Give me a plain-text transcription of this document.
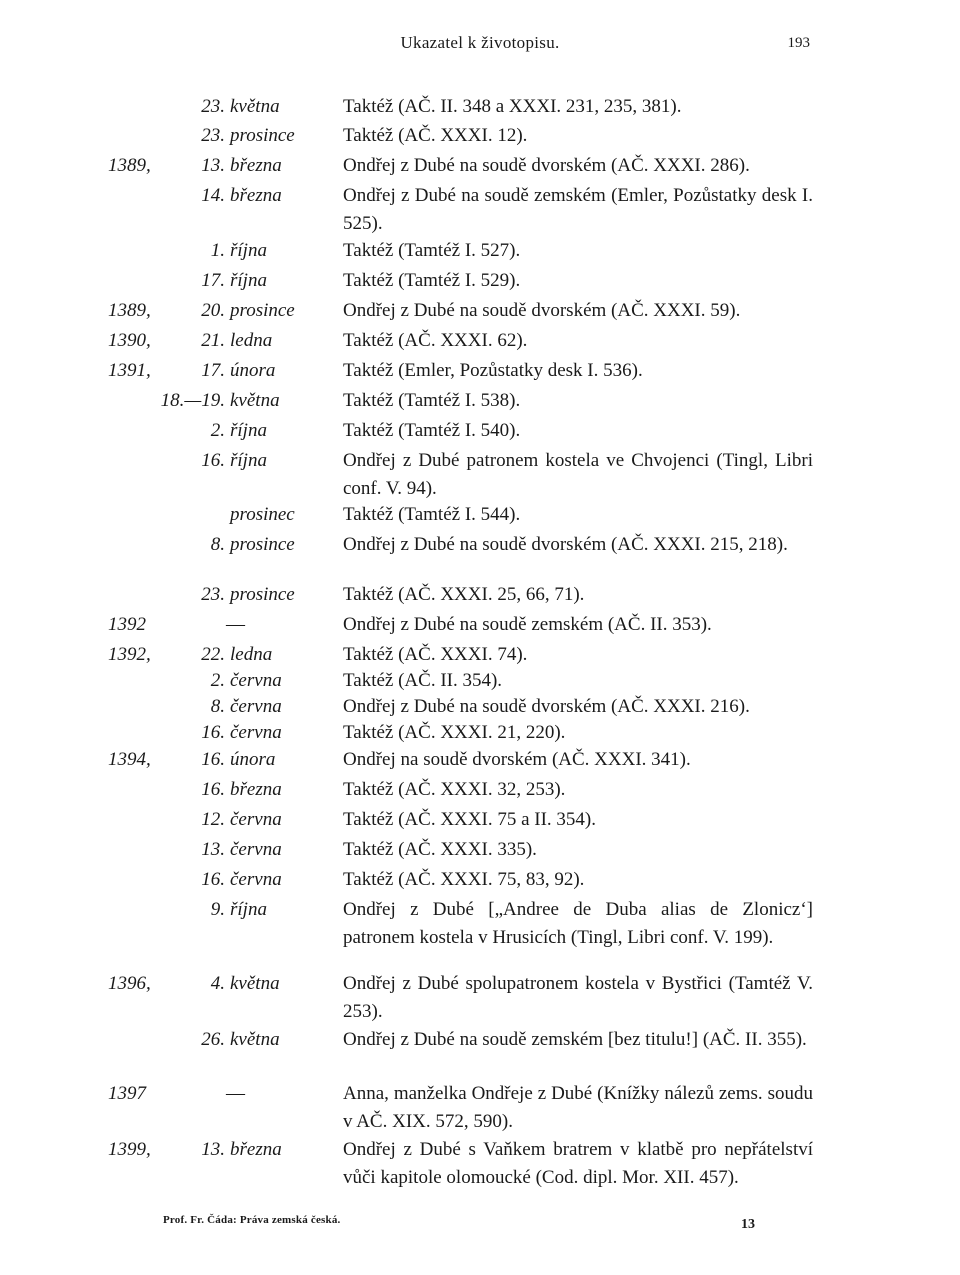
Ukazatel k životopisu.	193
23. května	Taktéž (AČ. II. 348 a XXXI. 231, 235, 381).
23. prosince	Taktéž (AČ. XXXI. 12).
1389,	13. března	Ondřej z Dubé na soudě dvorském (AČ. XXXI. 286).
14. března	Ondřej z Dubé na soudě zemském (Emler, Pozůstatky desk I. 525).
1. října	Taktéž (Tamtéž I. 527).
17. října	Taktéž (Tamtéž I. 529).
1389,	20. prosince	Ondřej z Dubé na soudě dvorském (AČ. XXXI. 59).
1390,	21. ledna	Taktéž (AČ. XXXI. 62).
1391,	17. února	Taktéž (Emler, Pozůstatky desk I. 536).
18.—19. května	Taktéž (Tamtéž I. 538).
2. října	Taktéž (Tamtéž I. 540).
16. října	Ondřej z Dubé patronem kostela ve Chvojenci (Tingl, Libri conf. V. 94).
prosinec	Taktéž (Tamtéž I. 544).
8. prosince	Ondřej z Dubé na soudě dvorském (AČ. XXXI. 215, 218).
23. prosince	Taktéž (AČ. XXXI. 25, 66, 71).
1392	—	Ondřej z Dubé na soudě zemském (AČ. II. 353).
1392,	22. ledna	Taktéž (AČ. XXXI. 74).
2. června	Taktéž (AČ. II. 354).
8. června	Ondřej z Dubé na soudě dvorském (AČ. XXXI. 216).
16. června	Taktéž (AČ. XXXI. 21, 220).
1394,	16. února	Ondřej na soudě dvorském (AČ. XXXI. 341).
16. března	Taktéž (AČ. XXXI. 32, 253).
12. června	Taktéž (AČ. XXXI. 75 a II. 354).
13. června	Taktéž (AČ. XXXI. 335).
16. června	Taktéž (AČ. XXXI. 75, 83, 92).
9. října	Ondřej z Dubé [„Andree de Duba alias de Zlonicz‘] patronem kostela v Hrusicích (Tingl, Libri conf. V. 199).
1396,	4. května	Ondřej z Dubé spolupatronem kostela v Bystřici (Tamtéž V. 253).
26. května	Ondřej z Dubé na soudě zemském [bez titulu!] (AČ. II. 355).
1397	—	Anna, manželka Ondřeje z Dubé (Knížky nálezů zems. soudu v AČ. XIX. 572, 590).
1399,	13. března	Ondřej z Dubé s Vaňkem bratrem v klatbě pro nepřátelství vůči kapitole olomoucké (Cod. dipl. Mor. XII. 457).
Prof. Fr. Čáda: Práva zemská česká.	13
